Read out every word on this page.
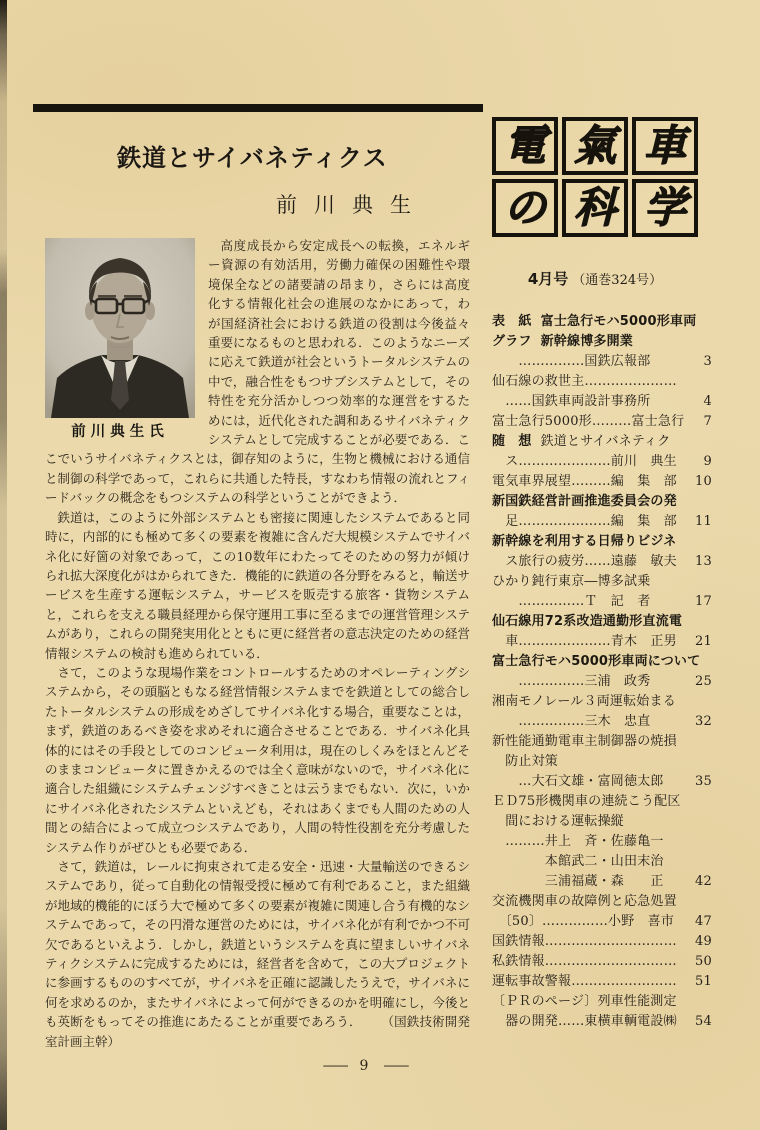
鉄道とサイバネティクス
前川典生
前川典生氏

高度成長から安定成長への転換，エネルギー資源の有効活用，労働力確保の困難性や環境保全などの諸要請の昂まり，さらには高度化する情報化社会の進展のなかにあって，わが国経済社会における鉄道の役割は今後益々重要になるものと思われる．このようなニーズに応えて鉄道が社会というトータルシステムの中で，融合性をもつサブシステムとして，その特性を充分活かしつつ効率的な運営をするためには，近代化された調和あるサイバネティクシステムとして完成することが必要である．ここでいうサイバネティクスとは，御存知のように，生物と機械における通信と制御の科学であって，これらに共通した特長，すなわち情報の流れとフィードバックの概念をもつシステムの科学ということができよう．

鉄道は，このように外部システムとも密接に関連したシステムであると同時に，内部的にも極めて多くの要素を複雑に含んだ大規模システムでサイバネ化に好箇の対象であって，この10数年にわたってそのための努力が傾けられ拡大深度化がはかられてきた．機能的に鉄道の各分野をみると，輸送サービスを生産する運転システム，サービスを販売する旅客・貨物システムと，これらを支える職員経理から保守運用工事に至るまでの運営管理システムがあり，これらの開発実用化とともに更に経営者の意志決定のための経営情報システムの検討も進められている．

さて，このような現場作業をコントロールするためのオペレーティングシステムから，その頭脳ともなる経営情報システムまでを鉄道としての総合したトータルシステムの形成をめざしてサイバネ化する場合，重要なことは，まず，鉄道のあるべき姿を求めそれに適合させることである．サイバネ化具体的にはその手段としてのコンピュータ利用は，現在のしくみをほとんどそのままコンピュータに置きかえるのでは全く意味がないので，サイバネ化に適合した組織にシステムチェンジすべきことは云うまでもない．次に，いかにサイバネ化されたシステムといえども，それはあくまでも人間のための人間との結合によって成立つシステムであり，人間の特性役割を充分考慮したシステム作りがぜひとも必要である．

さて，鉄道は，レールに拘束されて走る安全・迅速・大量輸送のできるシステムであり，従って自動化の情報受授に極めて有利であること，また組織が地域的機能的にぼう大で極めて多くの要素が複雑に関連し合う有機的なシステムであって，その円滑な運営のためには，サイバネ化が有利でかつ不可欠であるといえよう．しかし，鉄道というシステムを真に望ましいサイバネティクシステムに完成するためには，経営者を含めて，この大プロジェクトに参画するもののすべてが，サイバネを正確に認識したうえで，サイバネに何を求めるのか，またサイバネによって何ができるのかを明確にし，今後とも英断をもってその推進にあたることが重要であろう． （国鉄技術開発室計画主幹）

電 氣 車
の 科 学
4月号 （通巻324号）
表　紙 富士急行モハ5000形車両
グラフ 新幹線博多開業
　　……………国鉄広報部	3
仙石線の救世主…………………
　……国鉄車両設計事務所	4
富士急行5000形………富士急行 7
随　想 鉄道とサイバネティク
　ス…………………前川　典生 9
電気車界展望………編　集　部 10
新国鉄経営計画推進委員会の発
　足…………………編　集　部 11
新幹線を利用する日帰りビジネ
　ス旅行の疲労……遠藤　敏夫 13
ひかり鈍行東京―博多試乗
　　……………Ｔ　記　者	17
仙石線用72系改造通勤形直流電
　車…………………青木　正男 21
富士急行モハ5000形車両について
　　……………三浦　政秀	25
湘南モノレール３両運転始まる
　　……………三木　忠直	32
新性能通勤電車主制御器の焼損
　防止対策
　　…大石文雄・富岡徳太郎 35
ＥＤ75形機関車の連続こう配区
　間における運転操縦
　………井上　斉・佐藤亀一
　　　　本館武二・山田末治
　　　　三浦福蔵・森　　正 42
交流機関車の故障例と応急処置
　〔50〕……………小野　喜市 47
国鉄情報………………………… 49
私鉄情報………………………… 50
運転事故警報…………………… 51
〔ＰＲのページ〕列車性能測定
　器の開発……東横車輌電設㈱ 54
—— 9 ——
